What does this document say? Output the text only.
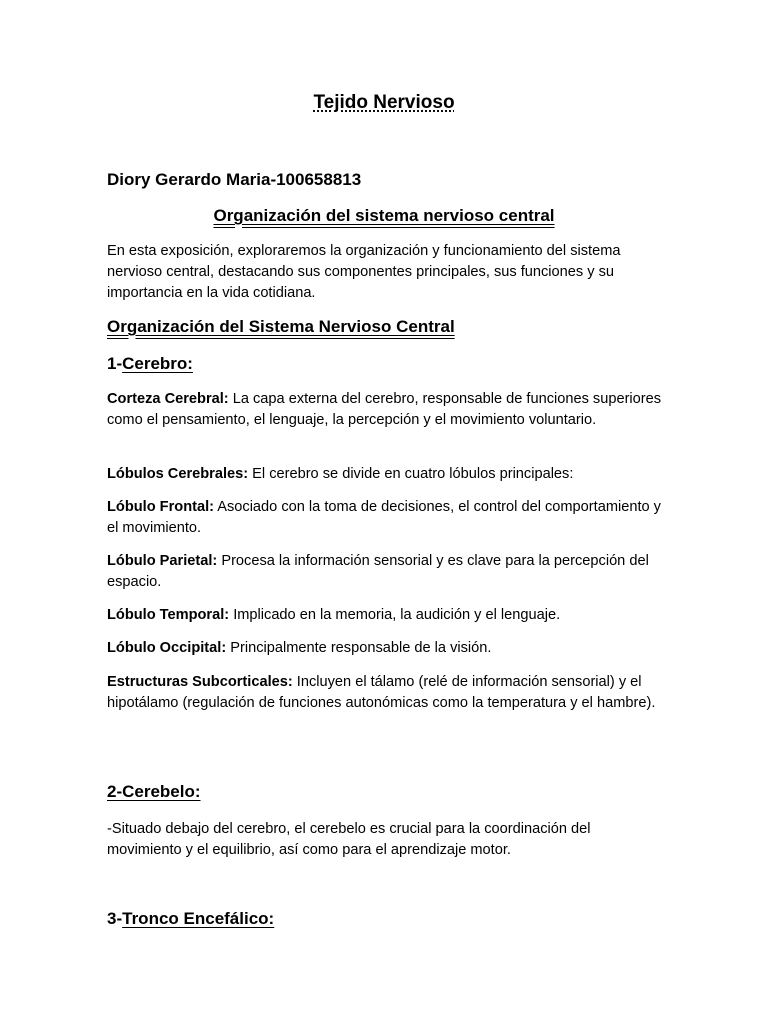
Tejido Nervioso
Diory Gerardo Maria-100658813
Organización del sistema nervioso central

En esta exposición, exploraremos la organización y funcionamiento del sistema nervioso central, destacando sus componentes principales, sus funciones y su importancia en la vida cotidiana.

Organización del Sistema Nervioso Central
1-Cerebro:

Corteza Cerebral: La capa externa del cerebro, responsable de funciones superiores como el pensamiento, el lenguaje, la percepción y el movimiento voluntario.

Lóbulos Cerebrales: El cerebro se divide en cuatro lóbulos principales:

Lóbulo Frontal: Asociado con la toma de decisiones, el control del comportamiento y el movimiento.

Lóbulo Parietal: Procesa la información sensorial y es clave para la percepción del espacio.

Lóbulo Temporal: Implicado en la memoria, la audición y el lenguaje.

Lóbulo Occipital: Principalmente responsable de la visión.

Estructuras Subcorticales: Incluyen el tálamo (relé de información sensorial) y el hipotálamo (regulación de funciones autonómicas como la temperatura y el hambre).

2-Cerebelo:

-Situado debajo del cerebro, el cerebelo es crucial para la coordinación del movimiento y el equilibrio, así como para el aprendizaje motor.

3-Tronco Encefálico:
